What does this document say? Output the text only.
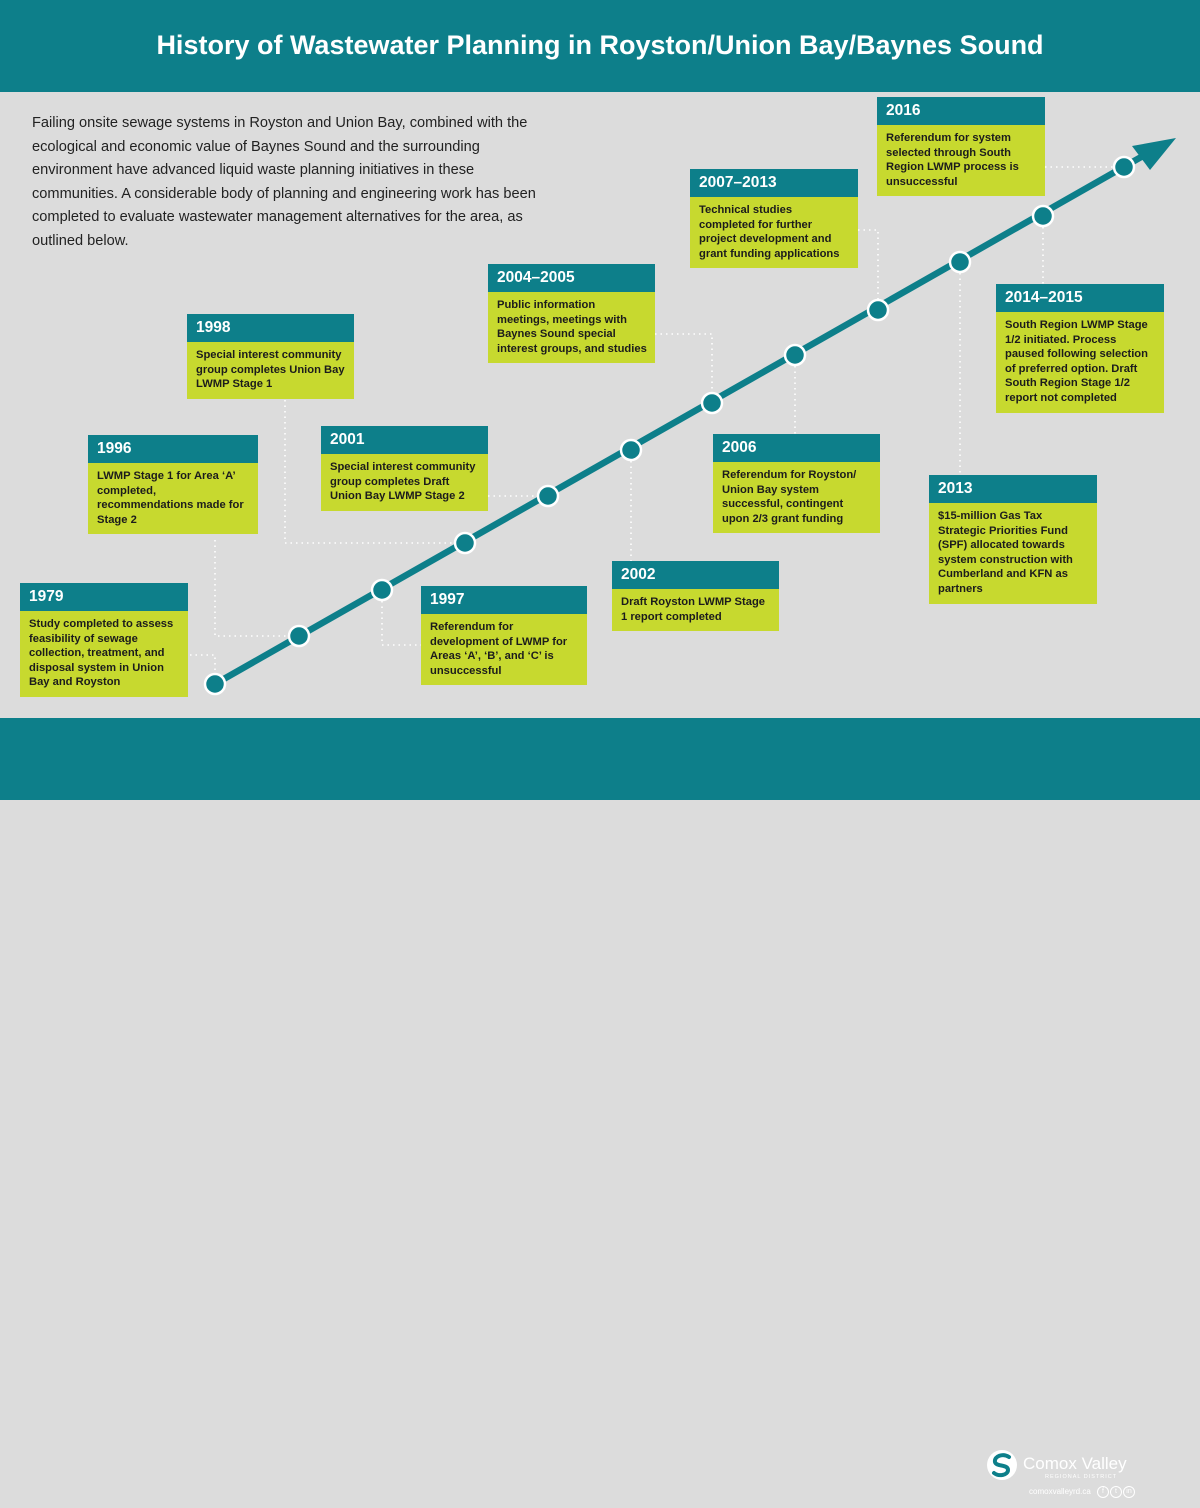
History of Wastewater Planning in Royston/Union Bay/Baynes Sound
Failing onsite sewage systems in Royston and Union Bay, combined with the ecological and economic value of Baynes Sound and the surrounding environment have advanced liquid waste planning initiatives in these communities. A considerable body of planning and engineering work has been completed to evaluate wastewater management alternatives for the area, as outlined below.
1979
Study completed to assess feasibility of sewage collection, treatment, and disposal system in Union Bay and Royston
1996
LWMP Stage 1 for Area ‘A’ completed, recommendations made for Stage 2
1997
Referendum for development of LWMP for Areas ‘A’, ‘B’, and ‘C’ is unsuccessful
1998
Special interest community group completes Union Bay LWMP Stage 1
2001
Special interest community group completes Draft Union Bay LWMP Stage 2
2002
Draft Royston LWMP Stage 1 report completed
2004–2005
Public information meetings, meetings with Baynes Sound special interest groups, and studies
2006
Referendum for Royston/ Union Bay system successful, contingent upon 2/3 grant funding
2007–2013
Technical studies completed for further project development and grant funding applications
2013
$15-million Gas Tax Strategic Priorities Fund (SPF) allocated towards system construction with Cumberland and KFN as partners
2014–2015
South Region LWMP Stage 1/2 initiated. Process paused following selection of preferred option. Draft South Region Stage 1/2 report not completed
2016
Referendum for system selected through South Region LWMP process is unsuccessful
Comox Valley
REGIONAL DISTRICT
comoxvalleyrd.ca	f	t	in
